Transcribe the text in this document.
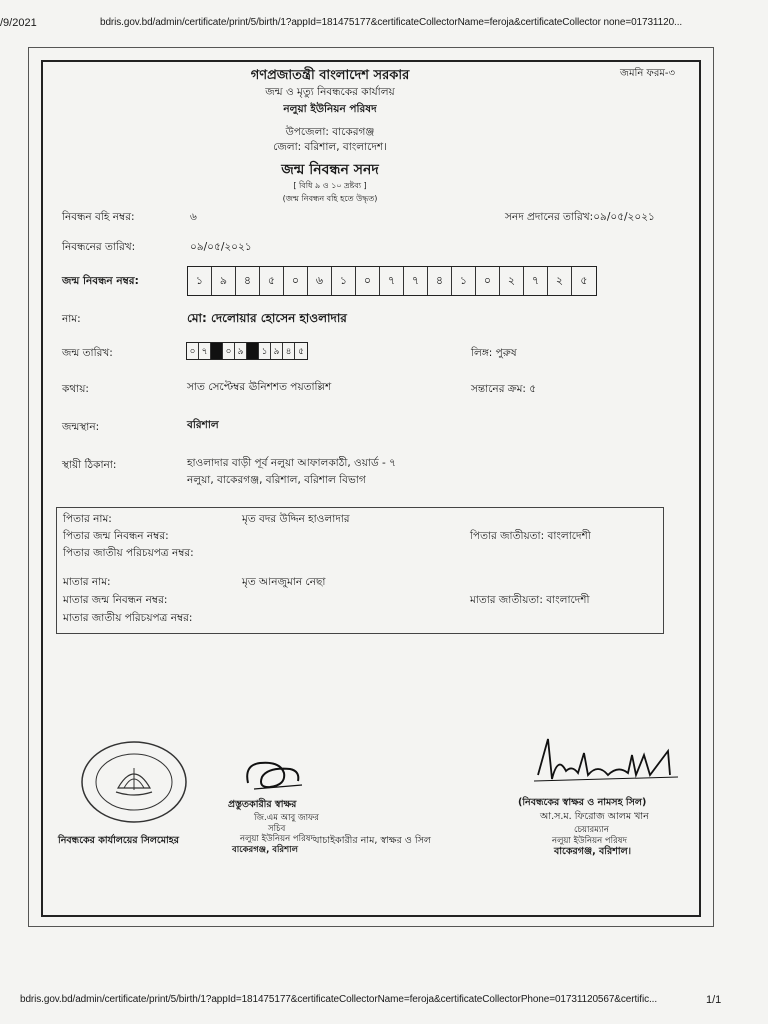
/9/2021	bdris.gov.bd/admin/certificate/print/5/birth/1?appId=181475177&certificateCollectorName=feroja&certificateCollector none=01731120...
bdris.gov.bd/admin/certificate/print/5/birth/1?appId=181475177&certificateCollectorName=feroja&certificateCollectorPhone=01731120567&certific...	1/1
গণপ্রজাতন্ত্রী বাংলাদেশ সরকার
জন্ম ও মৃত্যু নিবন্ধকের কার্যালয়
নলুয়া ইউনিয়ন পরিষদ
উপজেলা: বাকেরগঞ্জ
জেলা: বরিশাল, বাংলাদেশ।
জন্ম নিবন্ধন সনদ
[ বিধি ৯ ও ১০ দ্রষ্টব্য ]
(জন্ম নিবন্ধন বহি হতে উদ্ধৃত)
জমনি ফরম-৩
নিবন্ধন বহি নম্বর:	৬	সনদ প্রদানের তারিখ:০৯/০৫/২০২১
নিবন্ধনের তারিখ:	০৯/০৫/২০২১
জন্ম নিবন্ধন নম্বর:	১	৯	৪	৫	০	৬	১	০	৭	৭	৪	১	০	২	৭	২	৫
নাম:	মো: দেলোয়ার হোসেন হাওলাদার
জন্ম তারিখ:	০ ৭	০ ৯	১ ৯ ৪ ৫	লিঙ্গ: পুরুষ
কথায়:	সাত সেপ্টেম্বর ঊনিশশত পয়তাল্লিশ	সন্তানের ক্রম: ৫
জন্মস্থান:	বরিশাল
স্থায়ী ঠিকানা:	হাওলাদার বাড়ী পূর্ব নলুয়া আফালকাঠী, ওয়ার্ড - ৭
নলুয়া, বাকেরগঞ্জ, বরিশাল, বরিশাল বিভাগ
পিতার নাম:	মৃত বদর উদ্দিন হাওলাদার
পিতার জন্ম নিবন্ধন নম্বর:	পিতার জাতীয়তা: বাংলাদেশী
পিতার জাতীয় পরিচয়পত্র নম্বর:
মাতার নাম:	মৃত আনজুমান নেছা
মাতার জন্ম নিবন্ধন নম্বর:	মাতার জাতীয়তা: বাংলাদেশী
মাতার জাতীয় পরিচয়পত্র নম্বর:
নিবন্ধকের কার্যালয়ের সিলমোহর
প্রস্তুতকারীর স্বাক্ষর
জি.এম আবু জাফর
সচিব
নলুয়া ইউনিয়ন পরিষদ
বাকেরগঞ্জ, বরিশাল
যাচাইকারীর নাম, স্বাক্ষর ও সিল
(নিবন্ধকের স্বাক্ষর ও নামসহ সিল)
আ.স.ম. ফিরোজ আলম খান
চেয়ারম্যান
নলুয়া ইউনিয়ন পরিষদ
বাকেরগঞ্জ, বরিশাল।
